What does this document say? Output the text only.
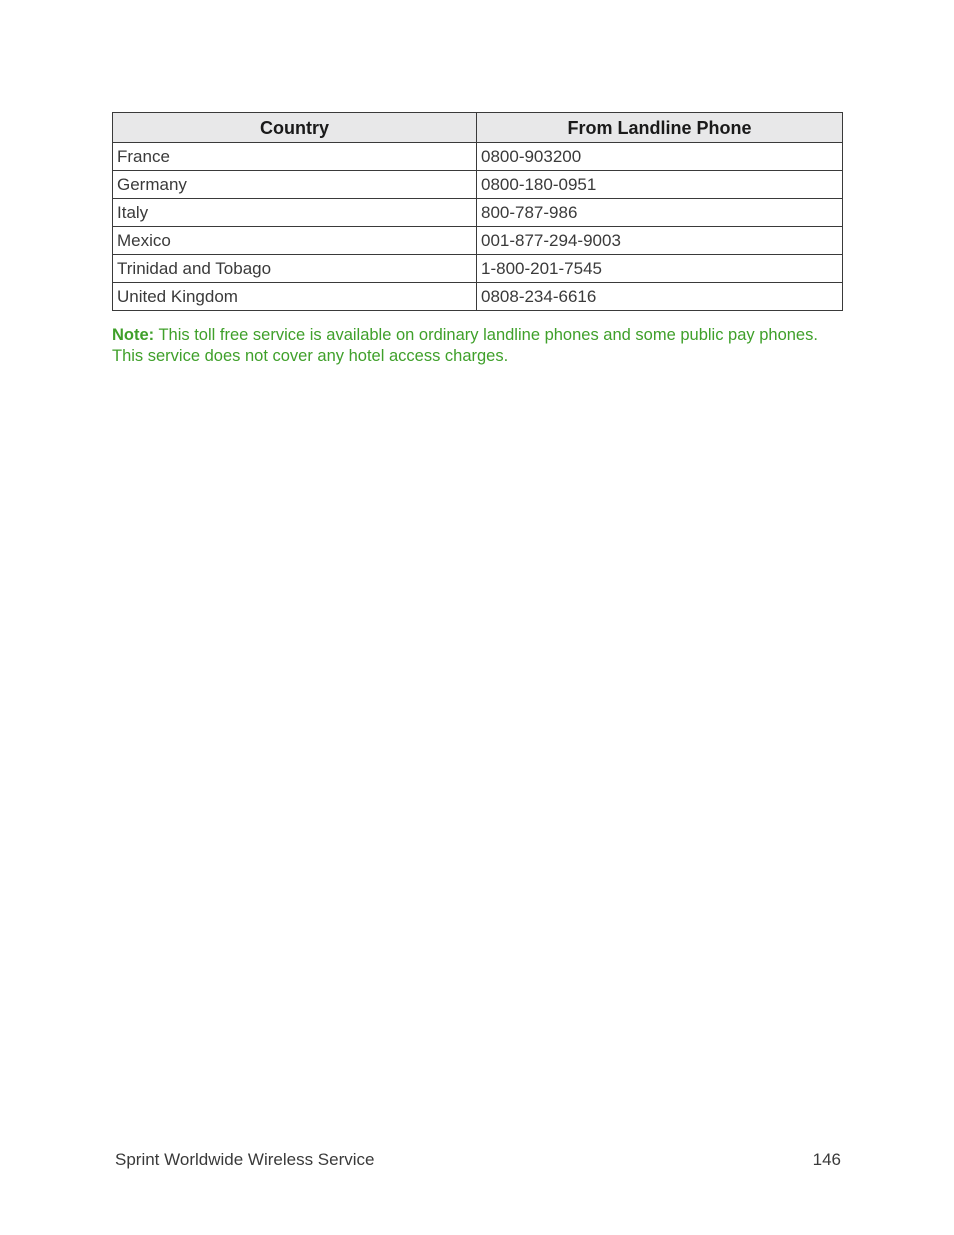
Country	From Landline Phone
France	0800-903200
Germany	0800-180-0951
Italy	800-787-986
Mexico	001-877-294-9003
Trinidad and Tobago	1-800-201-7545
United Kingdom	0808-234-6616
Note: This toll free service is available on ordinary landline phones and some public pay phones.
This service does not cover any hotel access charges.
Sprint Worldwide Wireless Service	146
